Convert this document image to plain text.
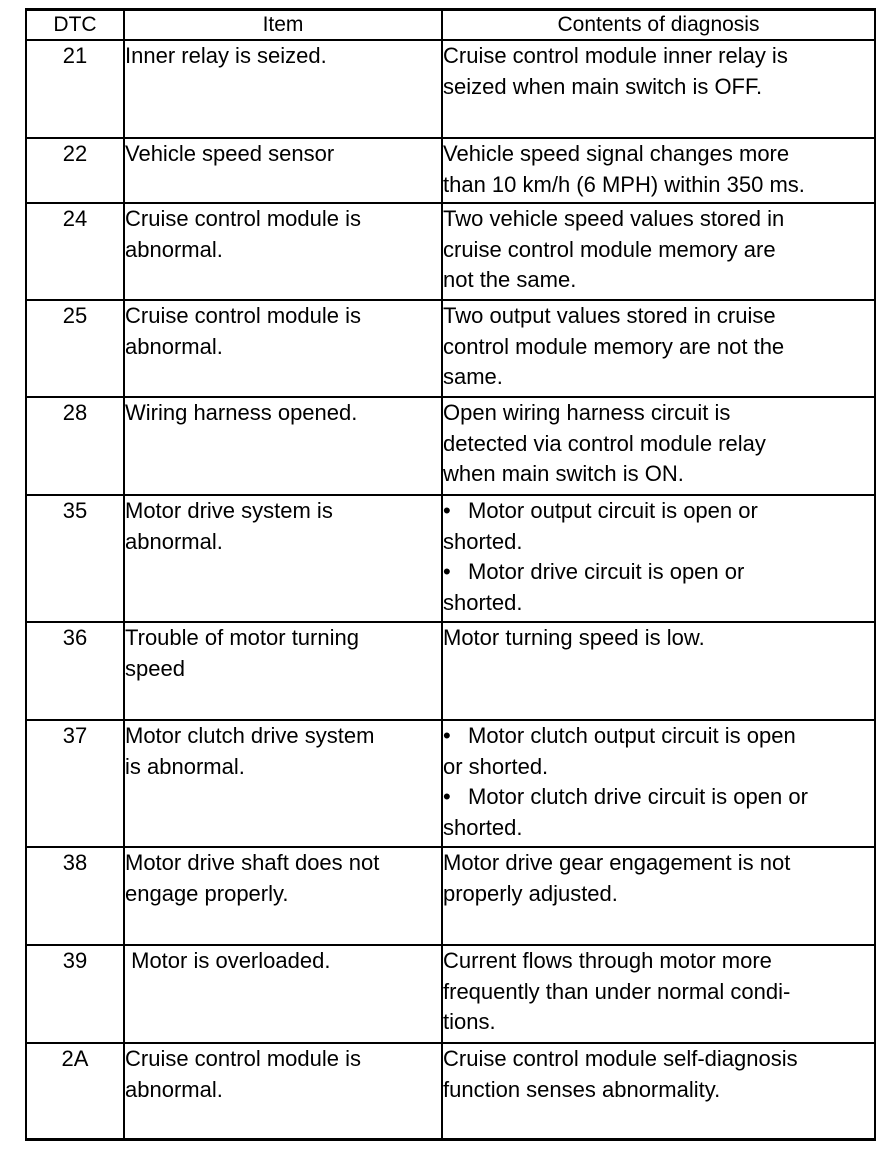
DTC	Item	Contents of diagnosis
21	Inner relay is seized.	Cruise control module inner relay is
seized when main switch is OFF.

22	Vehicle speed sensor	Vehicle speed signal changes more
than 10 km/h (6 MPH) within 350 ms.

24	Cruise control module is
abnormal.	Two vehicle speed values stored in
cruise control module memory are
not the same.

25	Cruise control module is
abnormal.	Two output values stored in cruise
control module memory are not the
same.

28	Wiring harness opened.	Open wiring harness circuit is
detected via control module relay
when main switch is ON.

35	Motor drive system is
abnormal.	• Motor output circuit is open or
shorted.
• Motor drive circuit is open or
shorted.

36	Trouble of motor turning
speed	Motor turning speed is low.

37	Motor clutch drive system
is abnormal.	• Motor clutch output circuit is open
or shorted.
• Motor clutch drive circuit is open or
shorted.

38	Motor drive shaft does not
engage properly.	Motor drive gear engagement is not
properly adjusted.

39	Motor is overloaded.	Current flows through motor more
frequently than under normal condi-
tions.

2A	Cruise control module is
abnormal.	Cruise control module self-diagnosis
function senses abnormality.
